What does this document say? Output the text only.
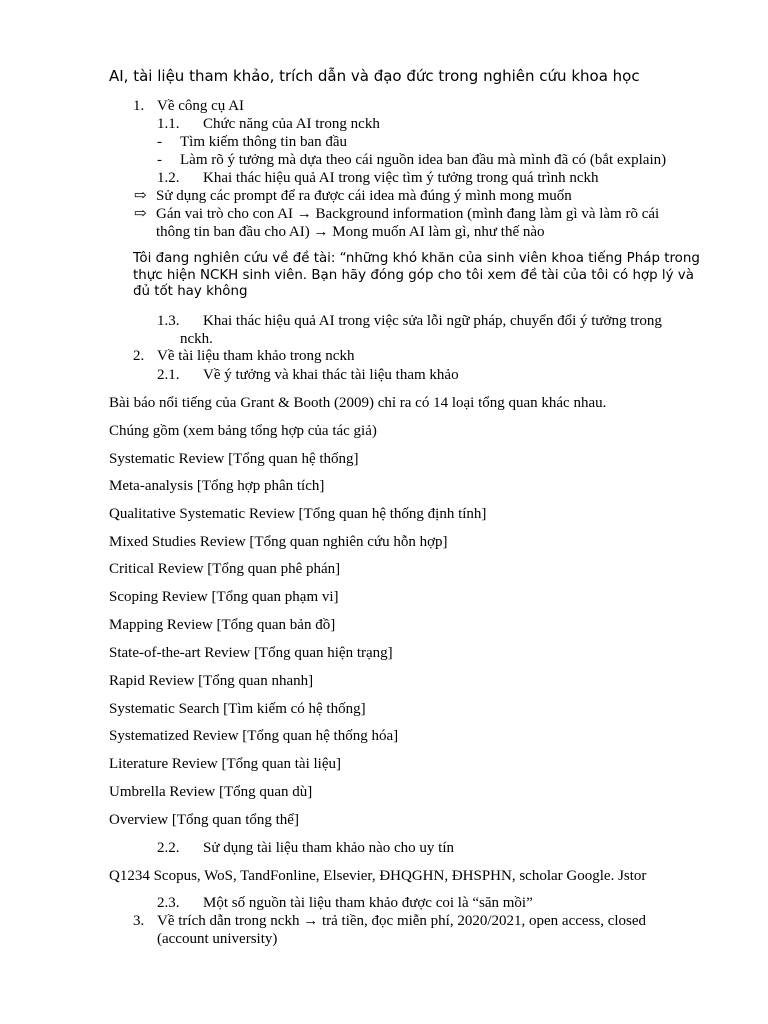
AI, tài liệu tham khảo, trích dẫn và đạo đức trong nghiên cứu khoa học
1. Về công cụ AI
1.1. Chức năng của AI trong nckh
- Tìm kiếm thông tin ban đầu
- Làm rõ ý tưởng mà dựa theo cái nguồn idea ban đầu mà mình đã có (bắt explain)
1.2. Khai thác hiệu quả AI trong việc tìm ý tưởng trong quá trình nckh
⇨ Sử dụng các prompt để ra được cái idea mà đúng ý mình mong muốn
⇨ Gán vai trò cho con AI → Background information (mình đang làm gì và làm rõ cái
thông tin ban đầu cho AI) → Mong muốn AI làm gì, như thế nào
Tôi đang nghiên cứu về đề tài: “những khó khăn của sinh viên khoa tiếng Pháp trong thực hiện NCKH sinh viên. Bạn hãy đóng góp cho tôi xem đề tài của tôi có hợp lý và đủ tốt hay không
1.3. Khai thác hiệu quả AI trong việc sửa lỗi ngữ pháp, chuyển đổi ý tưởng trong
nckh.
2. Về tài liệu tham khảo trong nckh
2.1. Về ý tưởng và khai thác tài liệu tham khảo
Bài báo nổi tiếng của Grant & Booth (2009) chỉ ra có 14 loại tổng quan khác nhau.
Chúng gồm (xem bảng tổng hợp của tác giả)
Systematic Review [Tổng quan hệ thống]
Meta-analysis [Tổng hợp phân tích]
Qualitative Systematic Review [Tổng quan hệ thống định tính]
Mixed Studies Review [Tổng quan nghiên cứu hỗn hợp]
Critical Review [Tổng quan phê phán]
Scoping Review [Tổng quan phạm vi]
Mapping Review [Tổng quan bản đồ]
State-of-the-art Review [Tổng quan hiện trạng]
Rapid Review [Tổng quan nhanh]
Systematic Search [Tìm kiếm có hệ thống]
Systematized Review [Tổng quan hệ thống hóa]
Literature Review [Tổng quan tài liệu]
Umbrella Review [Tổng quan dù]
Overview [Tổng quan tổng thể]
2.2. Sử dụng tài liệu tham khảo nào cho uy tín
Q1234 Scopus, WoS, TandFonline, Elsevier, ĐHQGHN, ĐHSPHN, scholar Google. Jstor
2.3. Một số nguồn tài liệu tham khảo được coi là “săn mồi”
3. Về trích dẫn trong nckh → trả tiền, đọc miễn phí, 2020/2021, open access, closed
(account university)
